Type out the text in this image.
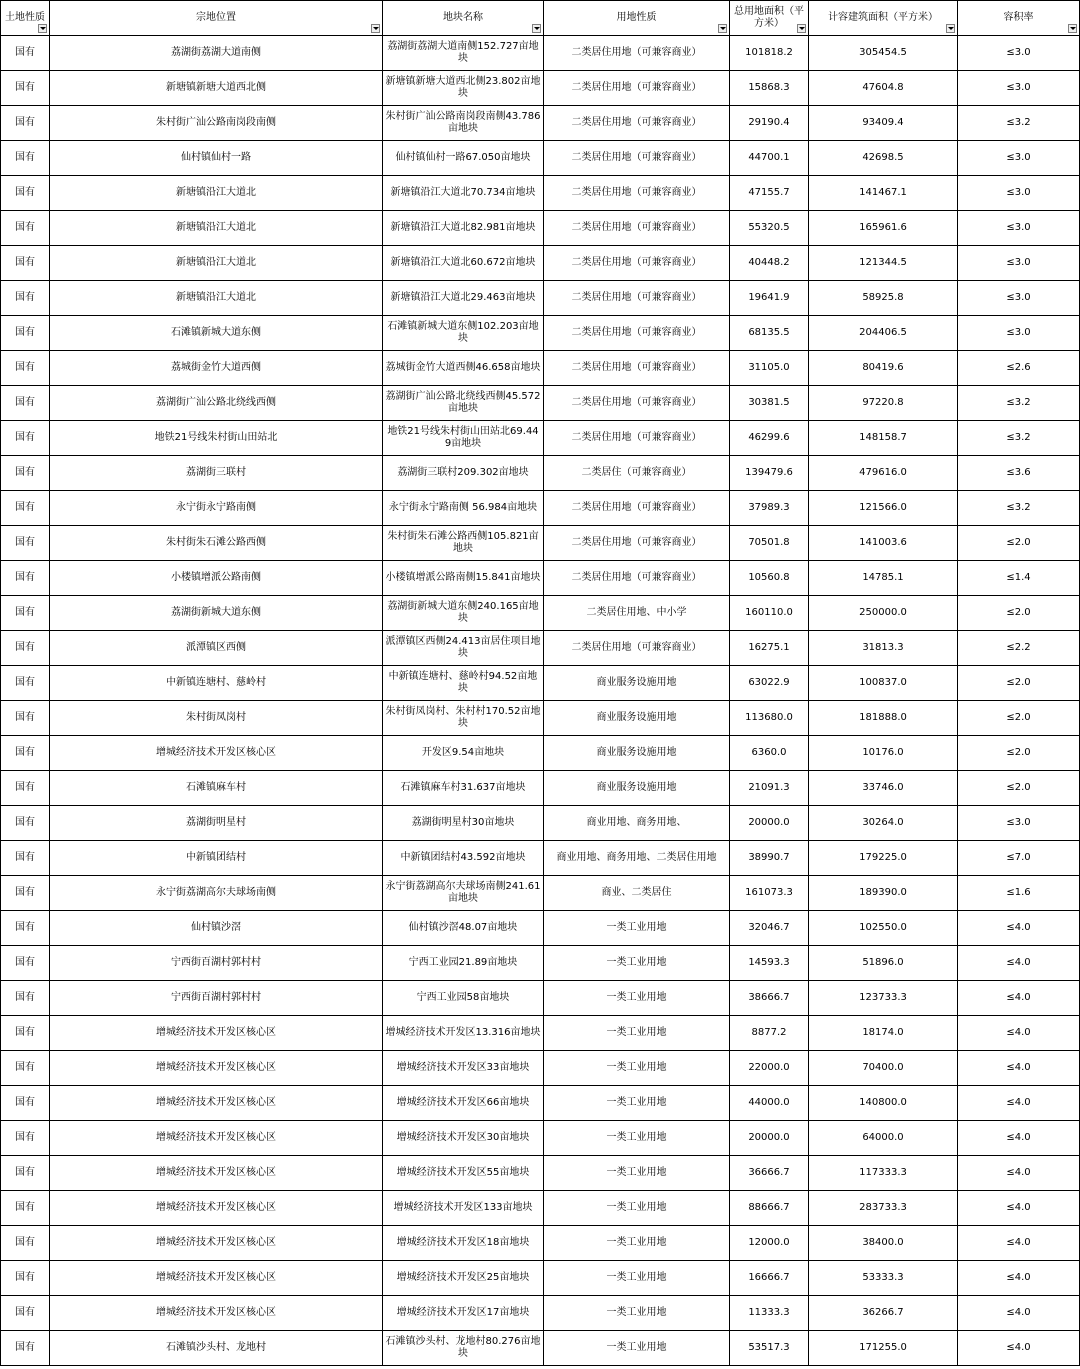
土地性质	宗地位置	地块名称	用地性质	总用地面积（平方米）	计容建筑面积（平方米）	容积率

国有	荔湖街荔湖大道南侧	荔湖街荔湖大道南侧152.727亩地块	二类居住用地（可兼容商业）	101818.2	305454.5	≤3.0
国有	新塘镇新塘大道西北侧	新塘镇新塘大道西北侧23.802亩地块	二类居住用地（可兼容商业）	15868.3	47604.8	≤3.0
国有	朱村街广汕公路南岗段南侧	朱村街广汕公路南岗段南侧43.786亩地块	二类居住用地（可兼容商业）	29190.4	93409.4	≤3.2
国有	仙村镇仙村一路	仙村镇仙村一路67.050亩地块	二类居住用地（可兼容商业）	44700.1	42698.5	≤3.0
国有	新塘镇沿江大道北	新塘镇沿江大道北70.734亩地块	二类居住用地（可兼容商业）	47155.7	141467.1	≤3.0
国有	新塘镇沿江大道北	新塘镇沿江大道北82.981亩地块	二类居住用地（可兼容商业）	55320.5	165961.6	≤3.0
国有	新塘镇沿江大道北	新塘镇沿江大道北60.672亩地块	二类居住用地（可兼容商业）	40448.2	121344.5	≤3.0
国有	新塘镇沿江大道北	新塘镇沿江大道北29.463亩地块	二类居住用地（可兼容商业）	19641.9	58925.8	≤3.0
国有	石滩镇新城大道东侧	石滩镇新城大道东侧102.203亩地块	二类居住用地（可兼容商业）	68135.5	204406.5	≤3.0
国有	荔城街金竹大道西侧	荔城街金竹大道西侧46.658亩地块	二类居住用地（可兼容商业）	31105.0	80419.6	≤2.6
国有	荔湖街广汕公路北绕线西侧	荔湖街广汕公路北绕线西侧45.572亩地块	二类居住用地（可兼容商业）	30381.5	97220.8	≤3.2
国有	地铁21号线朱村街山田站北	地铁21号线朱村街山田站北69.449亩地块	二类居住用地（可兼容商业）	46299.6	148158.7	≤3.2
国有	荔湖街三联村	荔湖街三联村209.302亩地块	二类居住（可兼容商业）	139479.6	479616.0	≤3.6
国有	永宁街永宁路南侧	永宁街永宁路南侧 56.984亩地块	二类居住用地（可兼容商业）	37989.3	121566.0	≤3.2
国有	朱村街朱石滩公路西侧	朱村街朱石滩公路西侧105.821亩地块	二类居住用地（可兼容商业）	70501.8	141003.6	≤2.0
国有	小楼镇增派公路南侧	小楼镇增派公路南侧15.841亩地块	二类居住用地（可兼容商业）	10560.8	14785.1	≤1.4
国有	荔湖街新城大道东侧	荔湖街新城大道东侧240.165亩地块	二类居住用地、中小学	160110.0	250000.0	≤2.0
国有	派潭镇区西侧	派潭镇区西侧24.413亩居住项目地块	二类居住用地（可兼容商业）	16275.1	31813.3	≤2.2
国有	中新镇连塘村、慈岭村	中新镇连塘村、慈岭村94.52亩地块	商业服务设施用地	63022.9	100837.0	≤2.0
国有	朱村街凤岗村	朱村街凤岗村、朱村村170.52亩地块	商业服务设施用地	113680.0	181888.0	≤2.0
国有	增城经济技术开发区核心区	开发区9.54亩地块	商业服务设施用地	6360.0	10176.0	≤2.0
国有	石滩镇麻车村	石滩镇麻车村31.637亩地块	商业服务设施用地	21091.3	33746.0	≤2.0
国有	荔湖街明星村	荔湖街明星村30亩地块	商业用地、商务用地、	20000.0	30264.0	≤3.0
国有	中新镇团结村	中新镇团结村43.592亩地块	商业用地、商务用地、二类居住用地	38990.7	179225.0	≤7.0
国有	永宁街荔湖高尔夫球场南侧	永宁街荔湖高尔夫球场南侧241.61亩地块	商业、二类居住	161073.3	189390.0	≤1.6
国有	仙村镇沙滘	仙村镇沙滘48.07亩地块	一类工业用地	32046.7	102550.0	≤4.0
国有	宁西街百湖村郭村村	宁西工业园21.89亩地块	一类工业用地	14593.3	51896.0	≤4.0
国有	宁西街百湖村郭村村	宁西工业园58亩地块	一类工业用地	38666.7	123733.3	≤4.0
国有	增城经济技术开发区核心区	增城经济技术开发区13.316亩地块	一类工业用地	8877.2	18174.0	≤4.0
国有	增城经济技术开发区核心区	增城经济技术开发区33亩地块	一类工业用地	22000.0	70400.0	≤4.0
国有	增城经济技术开发区核心区	增城经济技术开发区66亩地块	一类工业用地	44000.0	140800.0	≤4.0
国有	增城经济技术开发区核心区	增城经济技术开发区30亩地块	一类工业用地	20000.0	64000.0	≤4.0
国有	增城经济技术开发区核心区	增城经济技术开发区55亩地块	一类工业用地	36666.7	117333.3	≤4.0
国有	增城经济技术开发区核心区	增城经济技术开发区133亩地块	一类工业用地	88666.7	283733.3	≤4.0
国有	增城经济技术开发区核心区	增城经济技术开发区18亩地块	一类工业用地	12000.0	38400.0	≤4.0
国有	增城经济技术开发区核心区	增城经济技术开发区25亩地块	一类工业用地	16666.7	53333.3	≤4.0
国有	增城经济技术开发区核心区	增城经济技术开发区17亩地块	一类工业用地	11333.3	36266.7	≤4.0
国有	石滩镇沙头村、龙地村	石滩镇沙头村、龙地村80.276亩地块	一类工业用地	53517.3	171255.0	≤4.0
